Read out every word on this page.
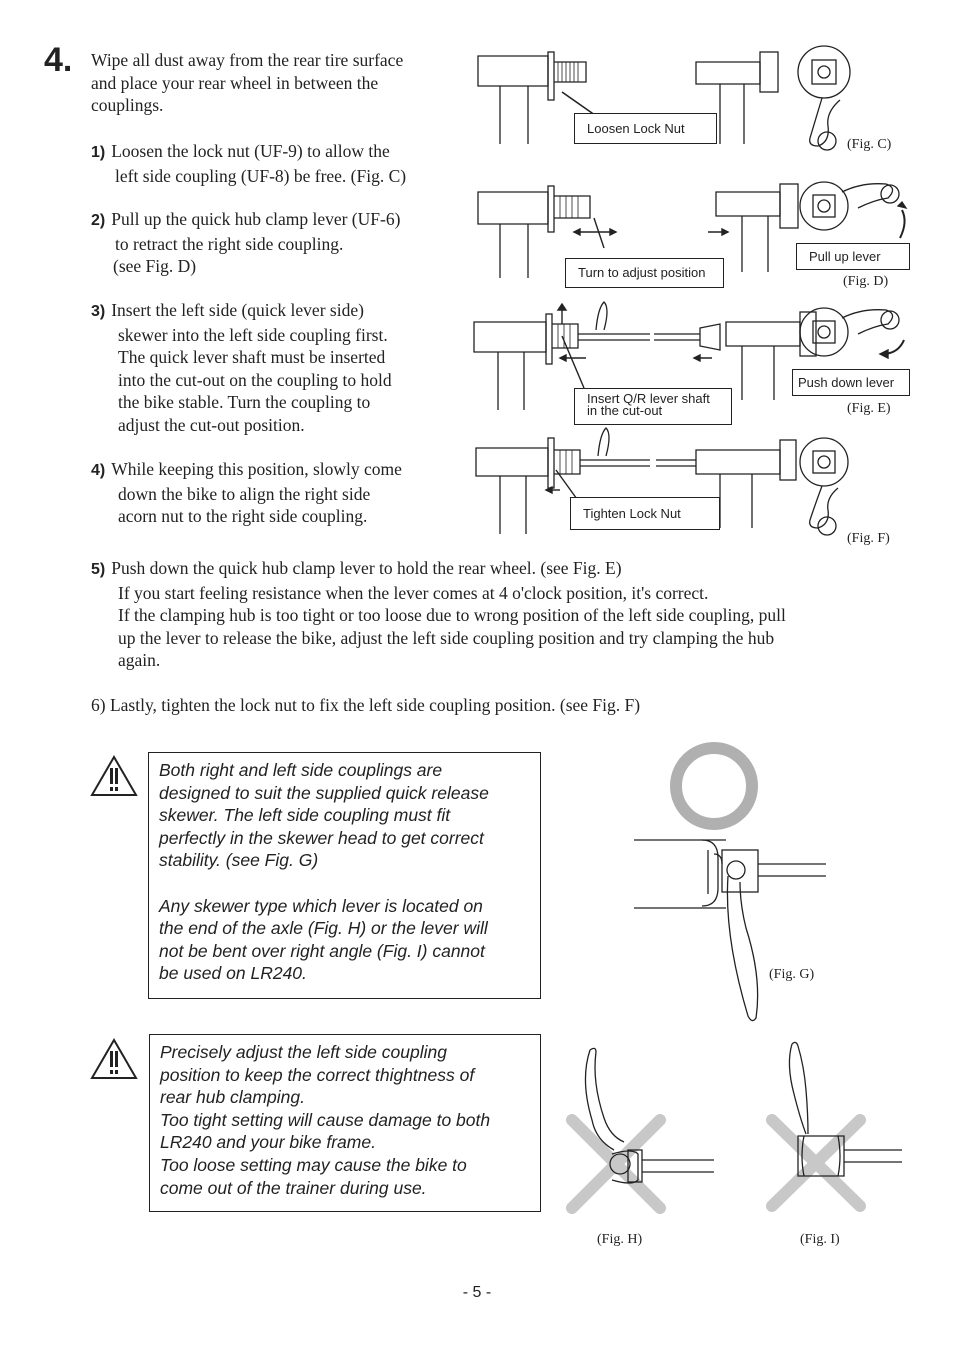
4. Wipe all dust away from the rear tire surface
and place your rear wheel in between the
couplings.
1) Loosen the lock nut (UF-9) to allow the
left side coupling (UF-8) be free. (Fig. C)
2) Pull up the quick hub clamp lever (UF-6)
to retract the right side coupling.
(see Fig. D)
3) Insert the left side (quick lever side)
skewer into the left side coupling first.
The quick lever shaft must be inserted
into the cut-out on the coupling to hold
the bike stable. Turn the coupling to
adjust the cut-out position.
4) While keeping this position, slowly come
down the bike to align the right side
acorn nut to the right side coupling.
5) Push down the quick hub clamp lever to hold the rear wheel. (see Fig. E)
If you start feeling resistance when the lever comes at 4 o'clock position, it's correct.
If the clamping hub is too tight or too loose due to wrong position of the left side coupling, pull
up the lever to release the bike, adjust the left side coupling position and try clamping the hub
again.
6) Lastly, tighten the lock nut to fix the left side coupling position. (see Fig. F)
Loosen Lock Nut
(Fig. C)
Turn to adjust position
Pull up lever
(Fig. D)
Insert Q/R lever shaft
in the cut-out
Push down lever
(Fig. E)
Tighten Lock Nut
(Fig. F)
Both right and left side couplings are
designed to suit the supplied quick release
skewer. The left side coupling must fit
perfectly in the skewer head to get correct
stability. (see Fig. G)
Any skewer type which lever is located on
the end of the axle (Fig. H) or the lever will
not be bent over right angle (Fig. I) cannot
be used on LR240.	(Fig. G)
Precisely adjust the left side coupling
position to keep the correct thightness of
rear hub clamping.
Too tight setting will cause damage to both
LR240 and your bike frame.
Too loose setting may cause the bike to
come out of the trainer during use.
(Fig. H)	(Fig. I)
- 5 -
